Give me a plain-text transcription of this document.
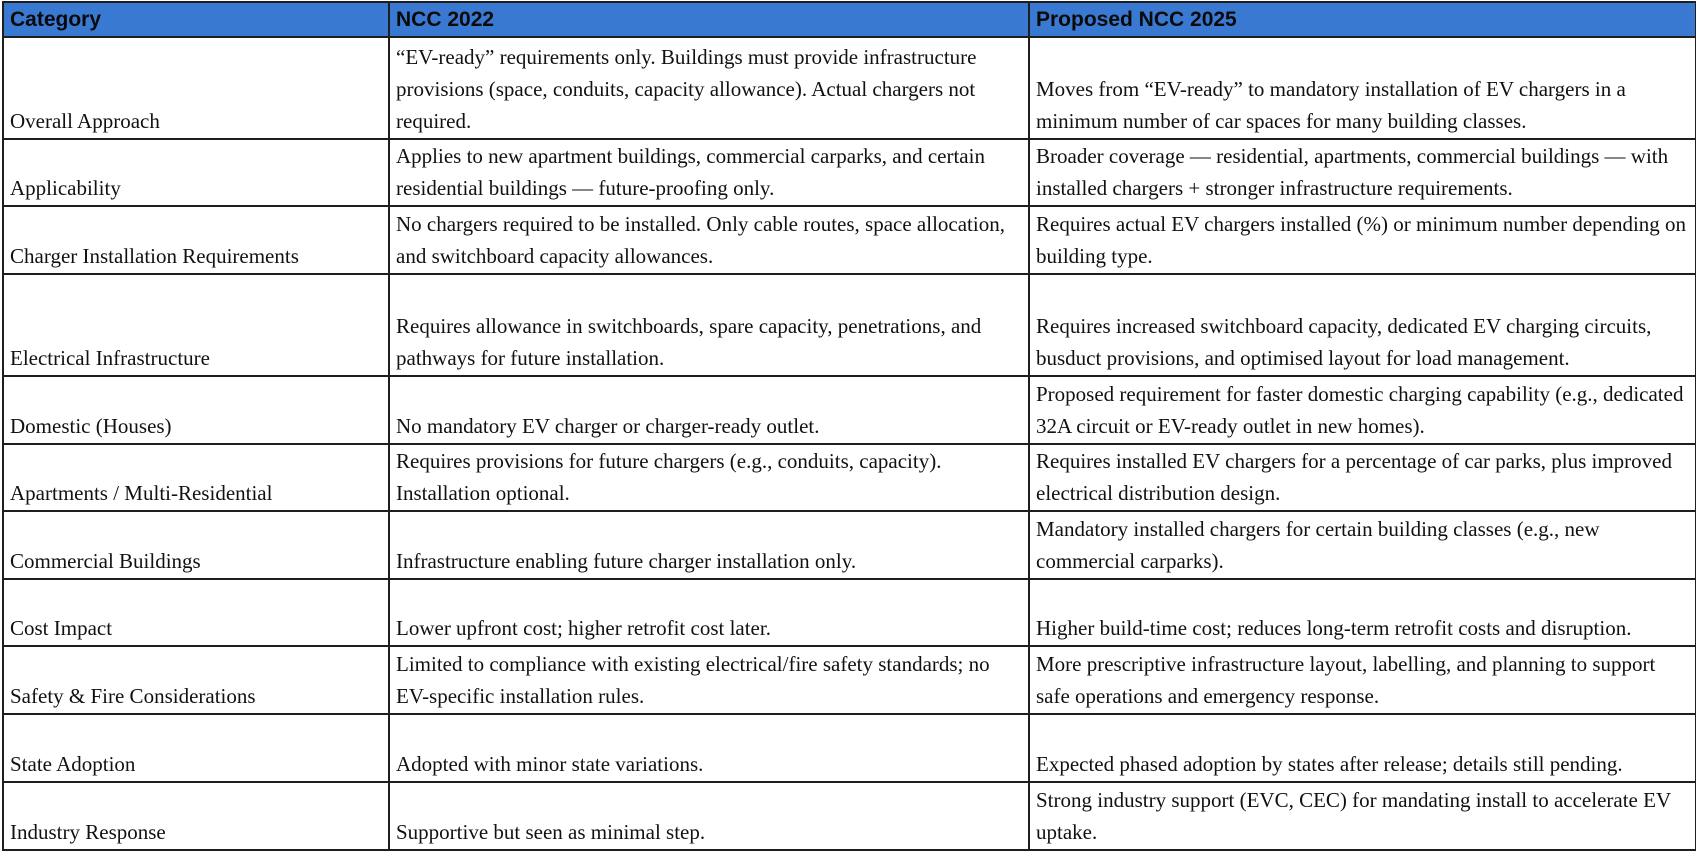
Category	NCC 2022	Proposed NCC 2025
Overall Approach	“EV-ready” requirements only. Buildings must provide infrastructure provisions (space, conduits, capacity allowance). Actual chargers not required.	Moves from “EV-ready” to mandatory installation of EV chargers in a minimum number of car spaces for many building classes.
Applicability	Applies to new apartment buildings, commercial carparks, and certain residential buildings — future-proofing only.	Broader coverage — residential, apartments, commercial buildings — with installed chargers + stronger infrastructure requirements.
Charger Installation Requirements	No chargers required to be installed. Only cable routes, space allocation, and switchboard capacity allowances.	Requires actual EV chargers installed (%) or minimum number depending on building type.
Electrical Infrastructure	Requires allowance in switchboards, spare capacity, penetrations, and pathways for future installation.	Requires increased switchboard capacity, dedicated EV charging circuits, busduct provisions, and optimised layout for load management.
Domestic (Houses)	No mandatory EV charger or charger-ready outlet.	Proposed requirement for faster domestic charging capability (e.g., dedicated 32A circuit or EV-ready outlet in new homes).
Apartments / Multi-Residential	Requires provisions for future chargers (e.g., conduits, capacity). Installation optional.	Requires installed EV chargers for a percentage of car parks, plus improved electrical distribution design.
Commercial Buildings	Infrastructure enabling future charger installation only.	Mandatory installed chargers for certain building classes (e.g., new commercial carparks).
Cost Impact	Lower upfront cost; higher retrofit cost later.	Higher build-time cost; reduces long-term retrofit costs and disruption.
Safety & Fire Considerations	Limited to compliance with existing electrical/fire safety standards; no EV-specific installation rules.	More prescriptive infrastructure layout, labelling, and planning to support safe operations and emergency response.
State Adoption	Adopted with minor state variations.	Expected phased adoption by states after release; details still pending.
Industry Response	Supportive but seen as minimal step.	Strong industry support (EVC, CEC) for mandating install to accelerate EV uptake.
